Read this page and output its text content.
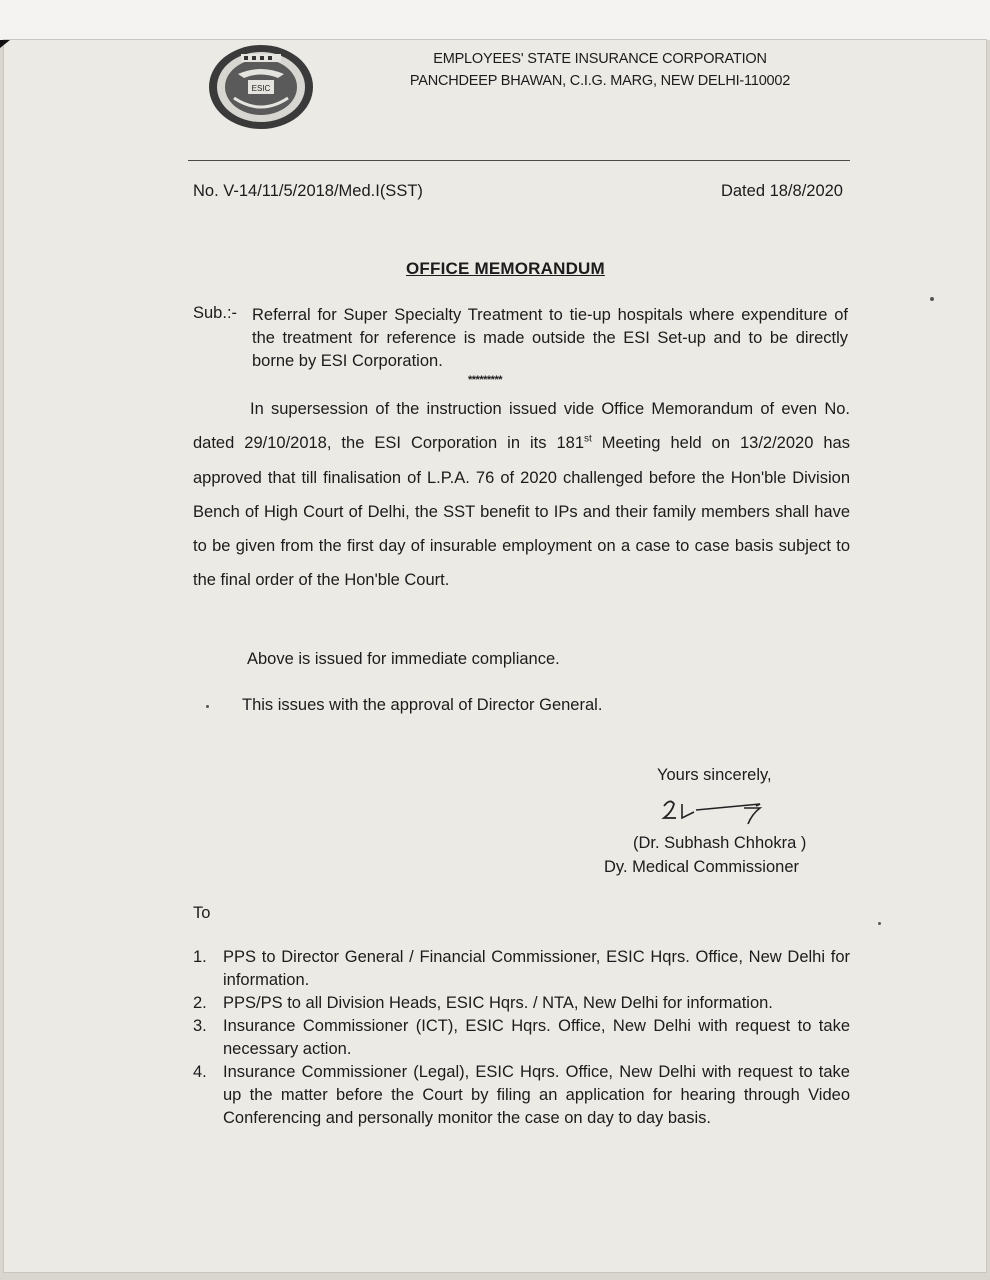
ESIC
EMPLOYEES' STATE INSURANCE CORPORATION
PANCHDEEP BHAWAN, C.I.G. MARG, NEW DELHI-110002
No. V-14/11/5/2018/Med.I(SST)	Dated 18/8/2020
OFFICE MEMORANDUM
Sub.:- Referral for Super Specialty Treatment to tie-up hospitals where expenditure of the treatment for reference is made outside the ESI Set-up and to be directly borne by ESI Corporation.
*********
In supersession of the instruction issued vide Office Memorandum of even No. dated 29/10/2018, the ESI Corporation in its 181st Meeting held on 13/2/2020 has approved that till finalisation of L.P.A. 76 of 2020 challenged before the Hon'ble Division Bench of High Court of Delhi, the SST benefit to IPs and their family members shall have to be given from the first day of insurable employment on a case to case basis subject to the final order of the Hon'ble Court.
Above is issued for immediate compliance.
This issues with the approval of Director General.
Yours sincerely,
(Dr. Subhash Chhokra )
Dy. Medical Commissioner
To
1. PPS to Director General / Financial Commissioner, ESIC Hqrs. Office, New Delhi for information.
2. PPS/PS to all Division Heads, ESIC Hqrs. / NTA, New Delhi for information.
3. Insurance Commissioner (ICT), ESIC Hqrs. Office, New Delhi with request to take necessary action.
4. Insurance Commissioner (Legal), ESIC Hqrs. Office, New Delhi with request to take up the matter before the Court by filing an application for hearing through Video Conferencing and personally monitor the case on day to day basis.
